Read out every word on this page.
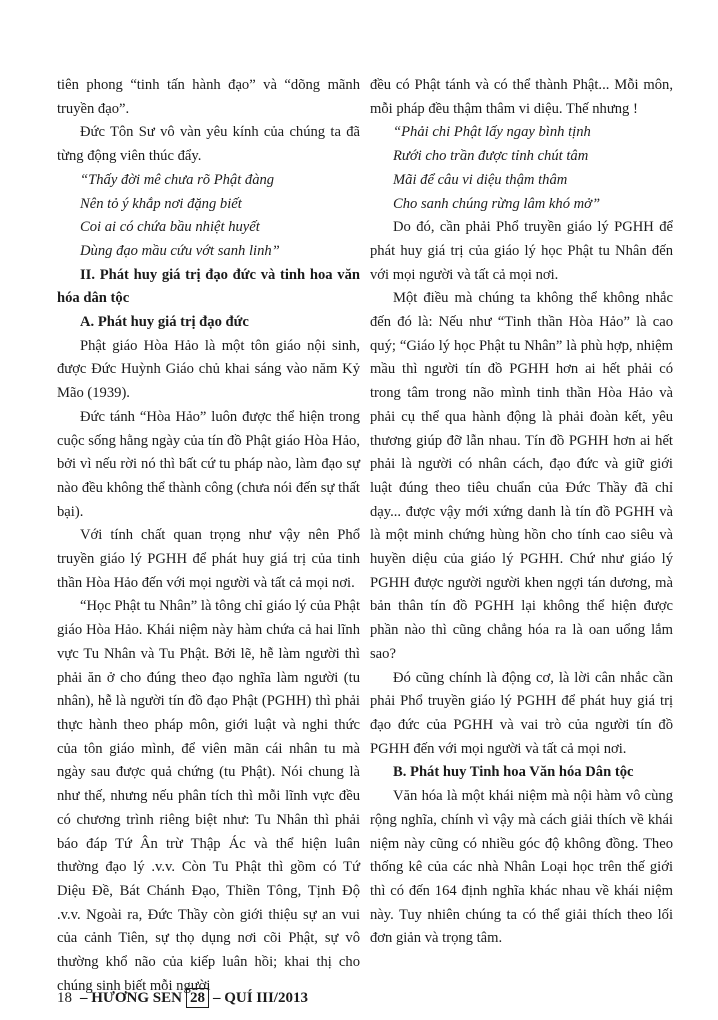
tiên phong “tinh tấn hành đạo” và “dõng mãnh truyền đạo”.

Đức Tôn Sư vô vàn yêu kính của chúng ta đã từng động viên thúc đẩy.

“Thấy đời mê chưa rõ Phật đàng

Nên tỏ ý khắp nơi đặng biết

Coi ai có chứa bầu nhiệt huyết

Dùng đạo mầu cứu vớt sanh linh”

II. Phát huy giá trị đạo đức và tinh hoa văn hóa dân tộc

A. Phát huy giá trị đạo đức

Phật giáo Hòa Hảo là một tôn giáo nội sinh, được Đức Huỳnh Giáo chủ khai sáng vào năm Kỷ Mão (1939).

Đức tánh “Hòa Hảo” luôn được thể hiện trong cuộc sống hằng ngày của tín đồ Phật giáo Hòa Hảo, bởi vì nếu rời nó thì bất cứ tu pháp nào, làm đạo sự nào đều không thể thành công (chưa nói đến sự thất bại).

Với tính chất quan trọng như vậy nên Phổ truyền giáo lý PGHH để phát huy giá trị của tinh thần Hòa Hảo đến với mọi người và tất cả mọi nơi.

“Học Phật tu Nhân” là tông chỉ giáo lý của Phật giáo Hòa Hảo. Khái niệm này hàm chứa cả hai lĩnh vực Tu Nhân và Tu Phật. Bởi lẽ, hễ làm người thì phải ăn ở cho đúng theo đạo nghĩa làm người (tu nhân), hễ là người tín đồ đạo Phật (PGHH) thì phải thực hành theo pháp môn, giới luật và nghi thức của tôn giáo mình, để viên mãn cái nhân tu mà ngày sau được quả chứng (tu Phật). Nói chung là như thế, nhưng nếu phân tích thì mỗi lĩnh vực đều có chương trình riêng biệt như: Tu Nhân thì phải báo đáp Tứ Ân trừ Thập Ác và thể hiện luân thường đạo lý .v.v. Còn Tu Phật thì gồm có Tứ Diệu Đề, Bát Chánh Đạo, Thiền Tông, Tịnh Độ .v.v. Ngoài ra, Đức Thầy còn giới thiệu sự an vui của cảnh Tiên, sự thọ dụng nơi cõi Phật, sự vô thường khổ não của kiếp luân hồi; khai thị cho chúng sinh biết mỗi người

đều có Phật tánh và có thể thành Phật... Mỗi môn, mỗi pháp đều thậm thâm vi diệu. Thế nhưng !

“Phải chi Phật lấy ngay bình tịnh

Rưới cho trần được tỉnh chút tâm

Mãi để câu vi diệu thậm thâm

Cho sanh chúng rừng lâm khó mở”

Do đó, cần phải Phổ truyền giáo lý PGHH để phát huy giá trị của giáo lý học Phật tu Nhân đến với mọi người và tất cả mọi nơi.

Một điều mà chúng ta không thể không nhắc đến đó là: Nếu như “Tinh thần Hòa Hảo” là cao quý; “Giáo lý học Phật tu Nhân” là phù hợp, nhiệm mầu thì người tín đồ PGHH hơn ai hết phải có trong tâm trong não mình tinh thần Hòa Hảo và phải cụ thể qua hành động là phải đoàn kết, yêu thương giúp đỡ lẫn nhau. Tín đồ PGHH hơn ai hết phải là người có nhân cách, đạo đức và giữ giới luật đúng theo tiêu chuẩn của Đức Thầy đã chỉ dạy... được vậy mới xứng danh là tín đồ PGHH và là một minh chứng hùng hồn cho tính cao siêu và huyền diệu của giáo lý PGHH. Chứ như giáo lý PGHH được người người khen ngợi tán dương, mà bản thân tín đồ PGHH lại không thể hiện được phần nào thì cũng chẳng hóa ra là oan uổng lắm sao?

Đó cũng chính là động cơ, là lời cân nhắc cần phải Phổ truyền giáo lý PGHH để phát huy giá trị đạo đức của PGHH và vai trò của người tín đồ PGHH đến với mọi người và tất cả mọi nơi.

B. Phát huy Tinh hoa Văn hóa Dân tộc

Văn hóa là một khái niệm mà nội hàm vô cùng rộng nghĩa, chính vì vậy mà cách giải thích về khái niệm này cũng có nhiều góc độ không đồng. Theo thống kê của các nhà Nhân Loại học trên thế giới thì có đến 164 định nghĩa khác nhau về khái niệm này. Tuy nhiên chúng ta có thể giải thích theo lối đơn giản và trọng tâm.

18 – HƯƠNG SEN 28 – QUÍ III/2013
